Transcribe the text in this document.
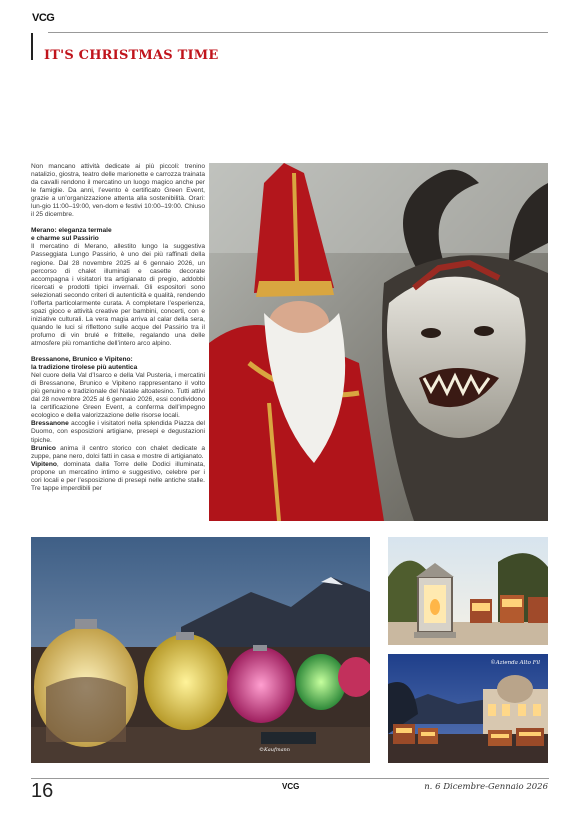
VCG
IT'S CHRISTMAS TIME

Non mancano attività dedicate ai più piccoli: trenino natalizio, giostra, teatro delle marionette e carrozza trainata da cavalli rendono il mercatino un luogo magico anche per le famiglie. Da anni, l’evento è certificato Green Event, grazie a un’organizzazione attenta alla sostenibilità. Orari: lun-gio 11:00–19:00, ven-dom e festivi 10:00–19:00. Chiuso il 25 dicembre.

Merano: eleganza termale
e charme sul Passirio

Il mercatino di Merano, allestito lungo la suggestiva Passeggiata Lungo Passirio, è uno dei più raffinati della regione. Dal 28 novembre 2025 al 6 gennaio 2026, un percorso di chalet illuminati e casette decorate accompagna i visitatori tra artigianato di pregio, addobbi ricercati e prodotti tipici invernali. Gli espositori sono selezionati secondo criteri di autenticità e qualità, rendendo l’offerta particolarmente curata. A completare l’esperienza, spazi gioco e attività creative per bambini, concerti, con e iniziative culturali. La vera magia arriva al calar della sera, quando le luci si riflettono sulle acque del Passirio tra il profumo di vin brulé e frittelle, regalando una delle atmosfere più romantiche dell’intero arco alpino.

Bressanone, Brunico e Vipiteno:
la tradizione tirolese più autentica

Nel cuore della Val d’Isarco e della Val Pusteria, i mercatini di Bressanone, Brunico e Vipiteno rappresentano il volto più genuino e tradizionale del Natale altoatesino. Tutti attivi dal 28 novembre 2025 al 6 gennaio 2026, essi condividono la certificazione Green Event, a conferma dell’impegno ecologico e della valorizzazione delle risorse locali.

Bressanone accoglie i visitatori nella splendida Piazza del Duomo, con esposizioni artigiane, presepi e degustazioni tipiche.

Brunico anima il centro storico con chalet dedicate a zuppe, pane nero, dolci fatti in casa e mostre di artigianato.

Vipiteno, dominata dalla Torre delle Dodici illuminata, propone un mercatino intimo e suggestivo, celebre per i cori locali e per l’esposizione di presepi nelle antiche stalle. Tre tappe imperdibili per

©Kaufmann
©Azienda Alto Fil
16	VCG	n. 6 Dicembre-Gennaio 2026
